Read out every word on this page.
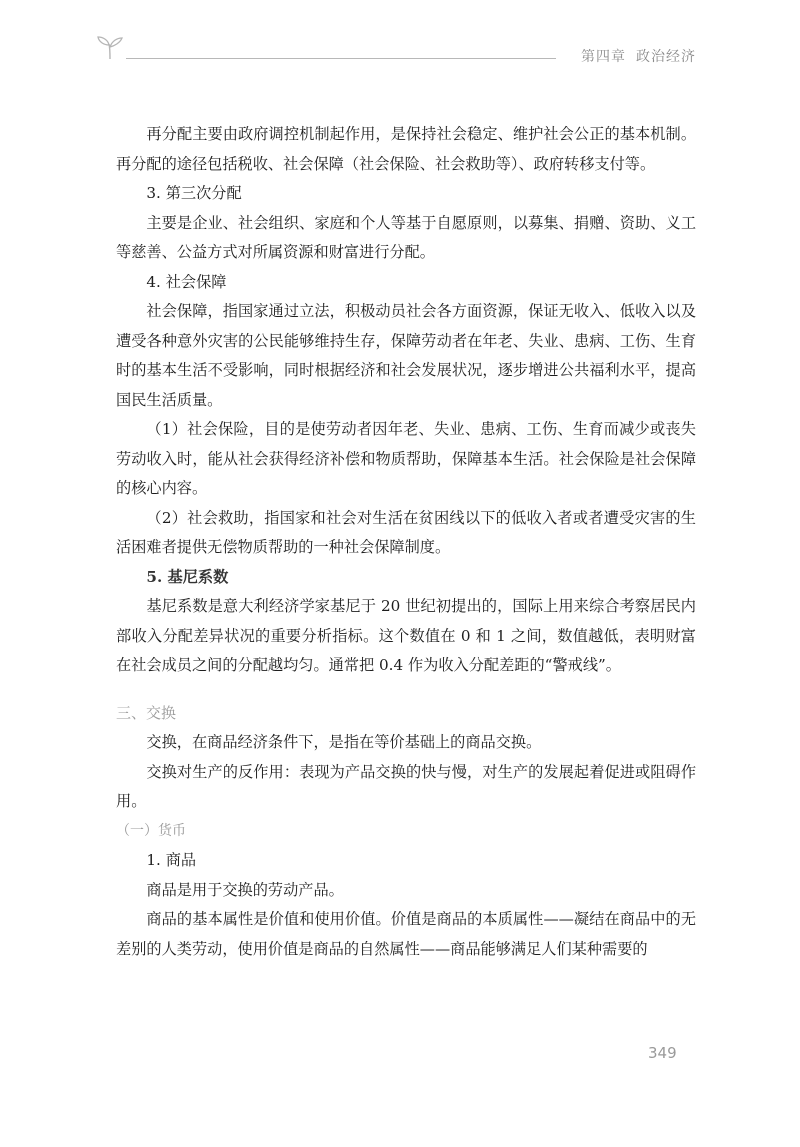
第四章 政治经济

再分配主要由政府调控机制起作用，是保持社会稳定、维护社会公正的基本机制。再分配的途径包括税收、社会保障（社会保险、社会救助等）、政府转移支付等。

3. 第三次分配

主要是企业、社会组织、家庭和个人等基于自愿原则，以募集、捐赠、资助、义工等慈善、公益方式对所属资源和财富进行分配。

4. 社会保障

社会保障，指国家通过立法，积极动员社会各方面资源，保证无收入、低收入以及遭受各种意外灾害的公民能够维持生存，保障劳动者在年老、失业、患病、工伤、生育时的基本生活不受影响，同时根据经济和社会发展状况，逐步增进公共福利水平，提高国民生活质量。

（1）社会保险，目的是使劳动者因年老、失业、患病、工伤、生育而减少或丧失劳动收入时，能从社会获得经济补偿和物质帮助，保障基本生活。社会保险是社会保障的核心内容。

（2）社会救助，指国家和社会对生活在贫困线以下的低收入者或者遭受灾害的生活困难者提供无偿物质帮助的一种社会保障制度。

5. 基尼系数

基尼系数是意大利经济学家基尼于 20 世纪初提出的，国际上用来综合考察居民内部收入分配差异状况的重要分析指标。这个数值在 0 和 1 之间，数值越低，表明财富在社会成员之间的分配越均匀。通常把 0.4 作为收入分配差距的“警戒线”。

三、交换

交换，在商品经济条件下，是指在等价基础上的商品交换。

交换对生产的反作用：表现为产品交换的快与慢，对生产的发展起着促进或阻碍作用。

（一）货币

1. 商品

商品是用于交换的劳动产品。

商品的基本属性是价值和使用价值。价值是商品的本质属性——凝结在商品中的无差别的人类劳动，使用价值是商品的自然属性——商品能够满足人们某种需要的

349
